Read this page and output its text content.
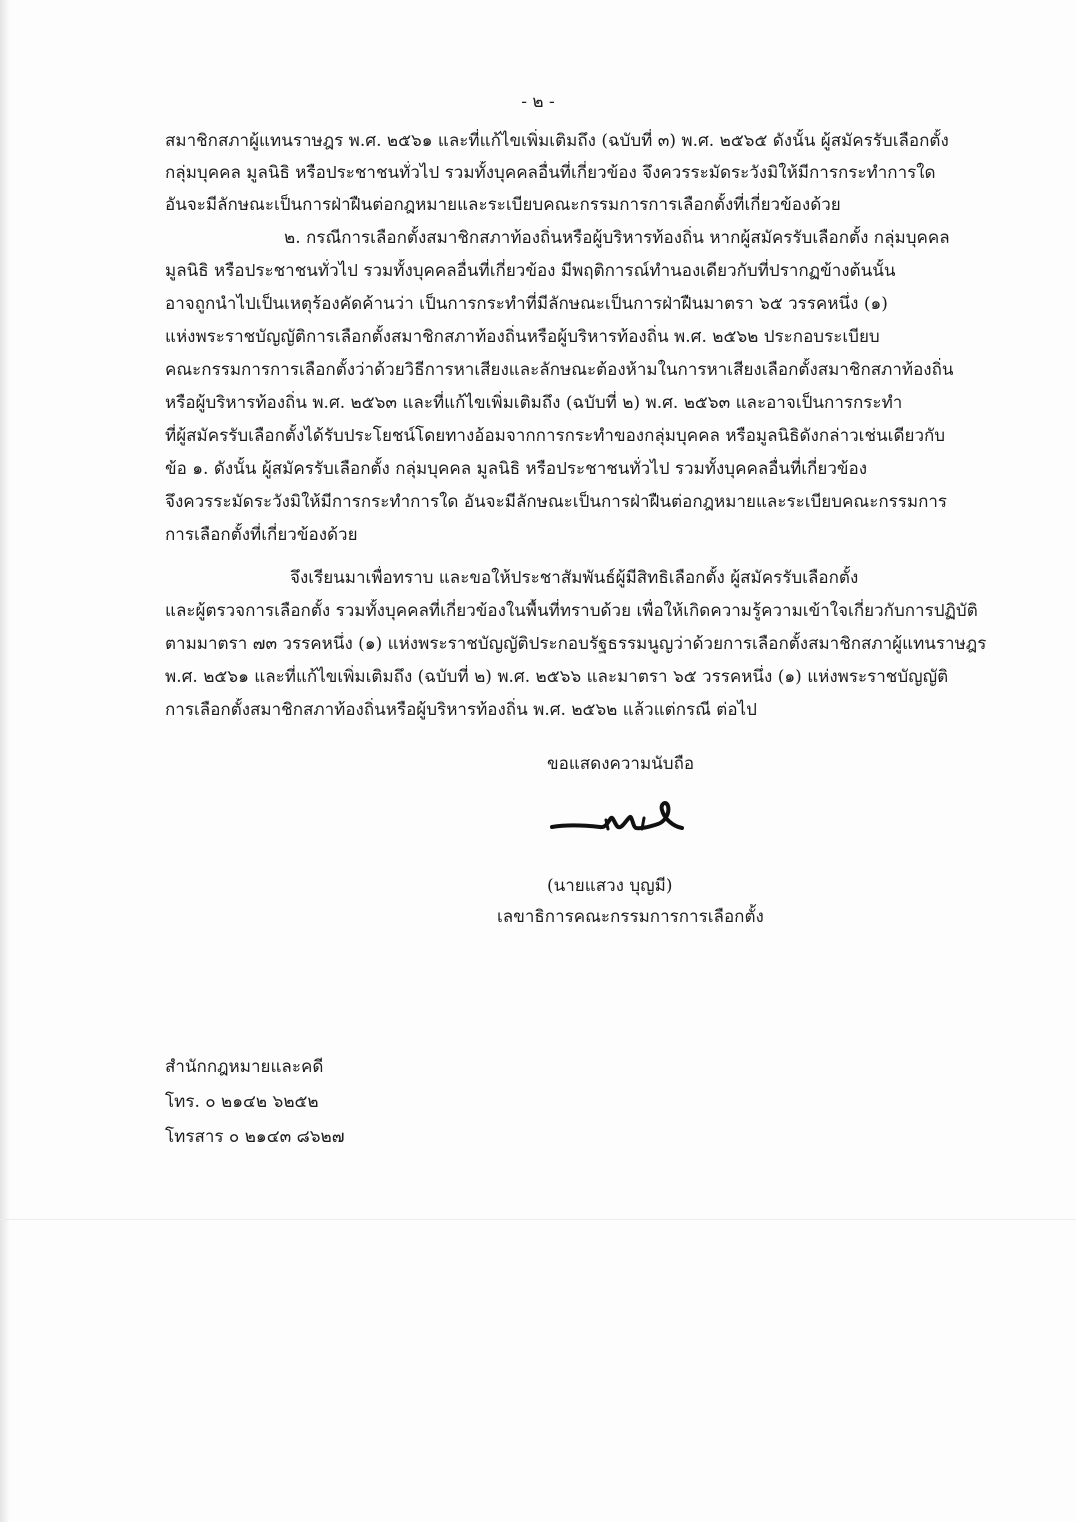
- ๒ -
สมาชิกสภาผู้แทนราษฎร พ.ศ. ๒๕๖๑ และที่แก้ไขเพิ่มเติมถึง (ฉบับที่ ๓) พ.ศ. ๒๕๖๕ ดังนั้น ผู้สมัครรับเลือกตั้ง
กลุ่มบุคคล มูลนิธิ หรือประชาชนทั่วไป รวมทั้งบุคคลอื่นที่เกี่ยวข้อง จึงควรระมัดระวังมิให้มีการกระทำการใด
อันจะมีลักษณะเป็นการฝ่าฝืนต่อกฎหมายและระเบียบคณะกรรมการการเลือกตั้งที่เกี่ยวข้องด้วย
๒. กรณีการเลือกตั้งสมาชิกสภาท้องถิ่นหรือผู้บริหารท้องถิ่น หากผู้สมัครรับเลือกตั้ง กลุ่มบุคคล
มูลนิธิ หรือประชาชนทั่วไป รวมทั้งบุคคลอื่นที่เกี่ยวข้อง มีพฤติการณ์ทำนองเดียวกับที่ปรากฏข้างต้นนั้น
อาจถูกนำไปเป็นเหตุร้องคัดค้านว่า เป็นการกระทำที่มีลักษณะเป็นการฝ่าฝืนมาตรา ๖๕ วรรคหนึ่ง (๑)
แห่งพระราชบัญญัติการเลือกตั้งสมาชิกสภาท้องถิ่นหรือผู้บริหารท้องถิ่น พ.ศ. ๒๕๖๒ ประกอบระเบียบ
คณะกรรมการการเลือกตั้งว่าด้วยวิธีการหาเสียงและลักษณะต้องห้ามในการหาเสียงเลือกตั้งสมาชิกสภาท้องถิ่น
หรือผู้บริหารท้องถิ่น พ.ศ. ๒๕๖๓ และที่แก้ไขเพิ่มเติมถึง (ฉบับที่ ๒) พ.ศ. ๒๕๖๓ และอาจเป็นการกระทำ
ที่ผู้สมัครรับเลือกตั้งได้รับประโยชน์โดยทางอ้อมจากการกระทำของกลุ่มบุคคล หรือมูลนิธิดังกล่าวเช่นเดียวกับ
ข้อ ๑. ดังนั้น ผู้สมัครรับเลือกตั้ง กลุ่มบุคคล มูลนิธิ หรือประชาชนทั่วไป รวมทั้งบุคคลอื่นที่เกี่ยวข้อง
จึงควรระมัดระวังมิให้มีการกระทำการใด อันจะมีลักษณะเป็นการฝ่าฝืนต่อกฎหมายและระเบียบคณะกรรมการ
การเลือกตั้งที่เกี่ยวข้องด้วย
จึงเรียนมาเพื่อทราบ และขอให้ประชาสัมพันธ์ผู้มีสิทธิเลือกตั้ง ผู้สมัครรับเลือกตั้ง
และผู้ตรวจการเลือกตั้ง รวมทั้งบุคคลที่เกี่ยวข้องในพื้นที่ทราบด้วย เพื่อให้เกิดความรู้ความเข้าใจเกี่ยวกับการปฏิบัติ
ตามมาตรา ๗๓ วรรคหนึ่ง (๑) แห่งพระราชบัญญัติประกอบรัฐธรรมนูญว่าด้วยการเลือกตั้งสมาชิกสภาผู้แทนราษฎร
พ.ศ. ๒๕๖๑ และที่แก้ไขเพิ่มเติมถึง (ฉบับที่ ๒) พ.ศ. ๒๕๖๖ และมาตรา ๖๕ วรรคหนึ่ง (๑) แห่งพระราชบัญญัติ
การเลือกตั้งสมาชิกสภาท้องถิ่นหรือผู้บริหารท้องถิ่น พ.ศ. ๒๕๖๒ แล้วแต่กรณี ต่อไป
ขอแสดงความนับถือ
(นายแสวง บุญมี)
เลขาธิการคณะกรรมการการเลือกตั้ง
สำนักกฎหมายและคดี
โทร. ๐ ๒๑๔๒ ๖๒๕๒
โทรสาร ๐ ๒๑๔๓ ๘๖๒๗
